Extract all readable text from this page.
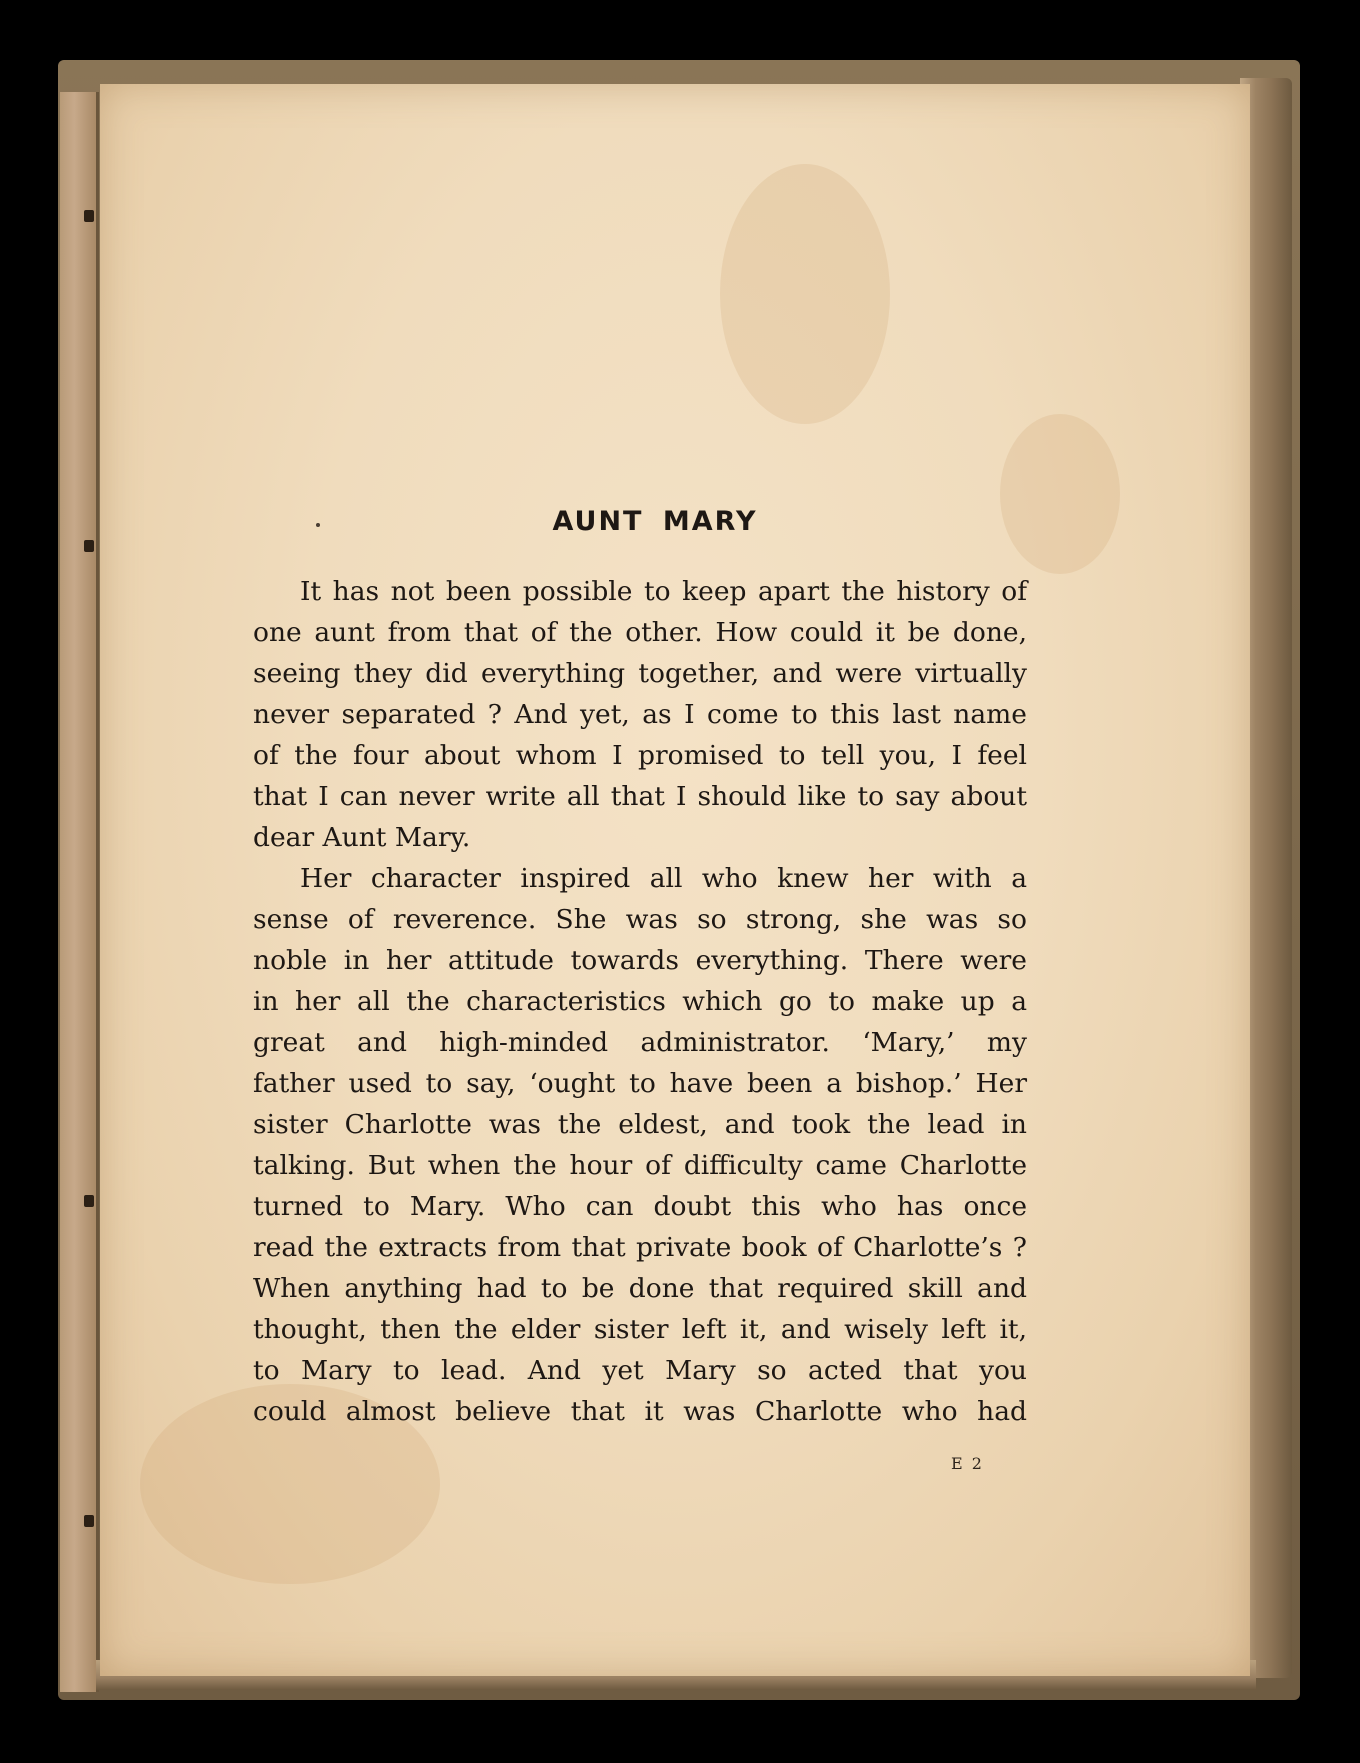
AUNT MARY
It has not been possible to keep apart the history of
one aunt from that of the other. How could it be done,
seeing they did everything together, and were virtually
never separated ? And yet, as I come to this last name
of the four about whom I promised to tell you, I feel
that I can never write all that I should like to say about
dear Aunt Mary.
Her character inspired all who knew her with a
sense of reverence. She was so strong, she was so
noble in her attitude towards everything. There were
in her all the characteristics which go to make up a
great and high-minded administrator. ‘Mary,’ my
father used to say, ‘ought to have been a bishop.’ Her
sister Charlotte was the eldest, and took the lead in
talking. But when the hour of difficulty came Charlotte
turned to Mary. Who can doubt this who has once
read the extracts from that private book of Charlotte’s ?
When anything had to be done that required skill and
thought, then the elder sister left it, and wisely left it,
to Mary to lead. And yet Mary so acted that you
could almost believe that it was Charlotte who had
E 2
